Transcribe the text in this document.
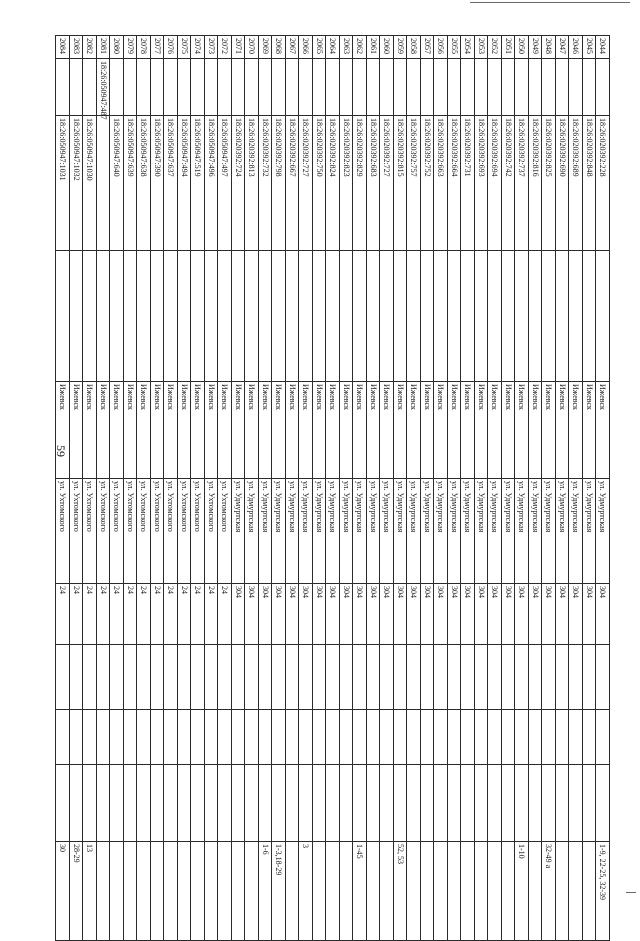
59
2044		18:26:020392:228		Ижевск	ул. Удмуртская	304				1-9, 22-25, 32-39
2045		18:26:020392:848		Ижевск	ул. Удмуртская	304				
2046		18:26:020392:689		Ижевск	ул. Удмуртская	304				
2047		18:26:020392:690		Ижевск	ул. Удмуртская	304				
2048		18:26:020392:825		Ижевск	ул. Удмуртская	304				32-49 а
2049		18:26:020392:816		Ижевск	ул. Удмуртская	304				
2050		18:26:020392:737		Ижевск	ул. Удмуртская	304				1-10
2051		18:26:020392:742		Ижевск	ул. Удмуртская	304				
2052		18:26:020392:694		Ижевск	ул. Удмуртская	304				
2053		18:26:020392:693		Ижевск	ул. Удмуртская	304				
2054		18:26:020392:731		Ижевск	ул. Удмуртская	304				
2055		18:26:020392:664		Ижевск	ул. Удмуртская	304				
2056		18:26:020392:663		Ижевск	ул. Удмуртская	304				
2057		18:26:020392:752		Ижевск	ул. Удмуртская	304				
2058		18:26:020392:757		Ижевск	ул. Удмуртская	304				
2059		18:26:020392:815		Ижевск	ул. Удмуртская	304				52, 53
2060		18:26:020392:727		Ижевск	ул. Удмуртская	304				
2061		18:26:020392:683		Ижевск	ул. Удмуртская	304				
2062		18:26:020392:829		Ижевск	ул. Удмуртская	304				1-45
2063		18:26:020392:823		Ижевск	ул. Удмуртская	304				
2064		18:26:020392:824		Ижевск	ул. Удмуртская	304				
2065		18:26:020392:750		Ижевск	ул. Удмуртская	304				
2066		18:26:020392:727		Ижевск	ул. Удмуртская	304				3
2067		18:26:020392:667		Ижевск	ул. Удмуртская	304				
2068		18:26:020392:798		Ижевск	ул. Удмуртская	304				1-3,18-29
2069		18:26:020392:732		Ижевск	ул. Удмуртская	304				1-6
2070		18:26:020392:813		Ижевск	ул. Удмуртская	304				
2071		18:26:020392:724		Ижевск	ул. Удмуртская	304				
2072		18:26:050947:497		Ижевск	ул. Ухтомского	24				
2073		18:26:050947:496		Ижевск	ул. Ухтомского	24				
2074		18:26:050947:519		Ижевск	ул. Ухтомского	24				
2075		18:26:050947:494		Ижевск	ул. Ухтомского	24				
2076		18:26:050947:637		Ижевск	ул. Ухтомского	24				
2077		18:26:050947:390		Ижевск	ул. Ухтомского	24				
2078		18:26:050947:638		Ижевск	ул. Ухтомского	24				
2079		18:26:050947:639		Ижевск	ул. Ухтомского	24				
2080		18:26:050947:640		Ижевск	ул. Ухтомского	24				
2081	18:26:050947:487			Ижевск	ул. Ухтомского	24				
2082		18:26:050947:1030		Ижевск	ул. Ухтомского	24				13
2083		18:26:050947:1032		Ижевск	ул. Ухтомского	24				28-29
2084		18:26:050947:1031		Ижевск	ул. Ухтомского	24				30
